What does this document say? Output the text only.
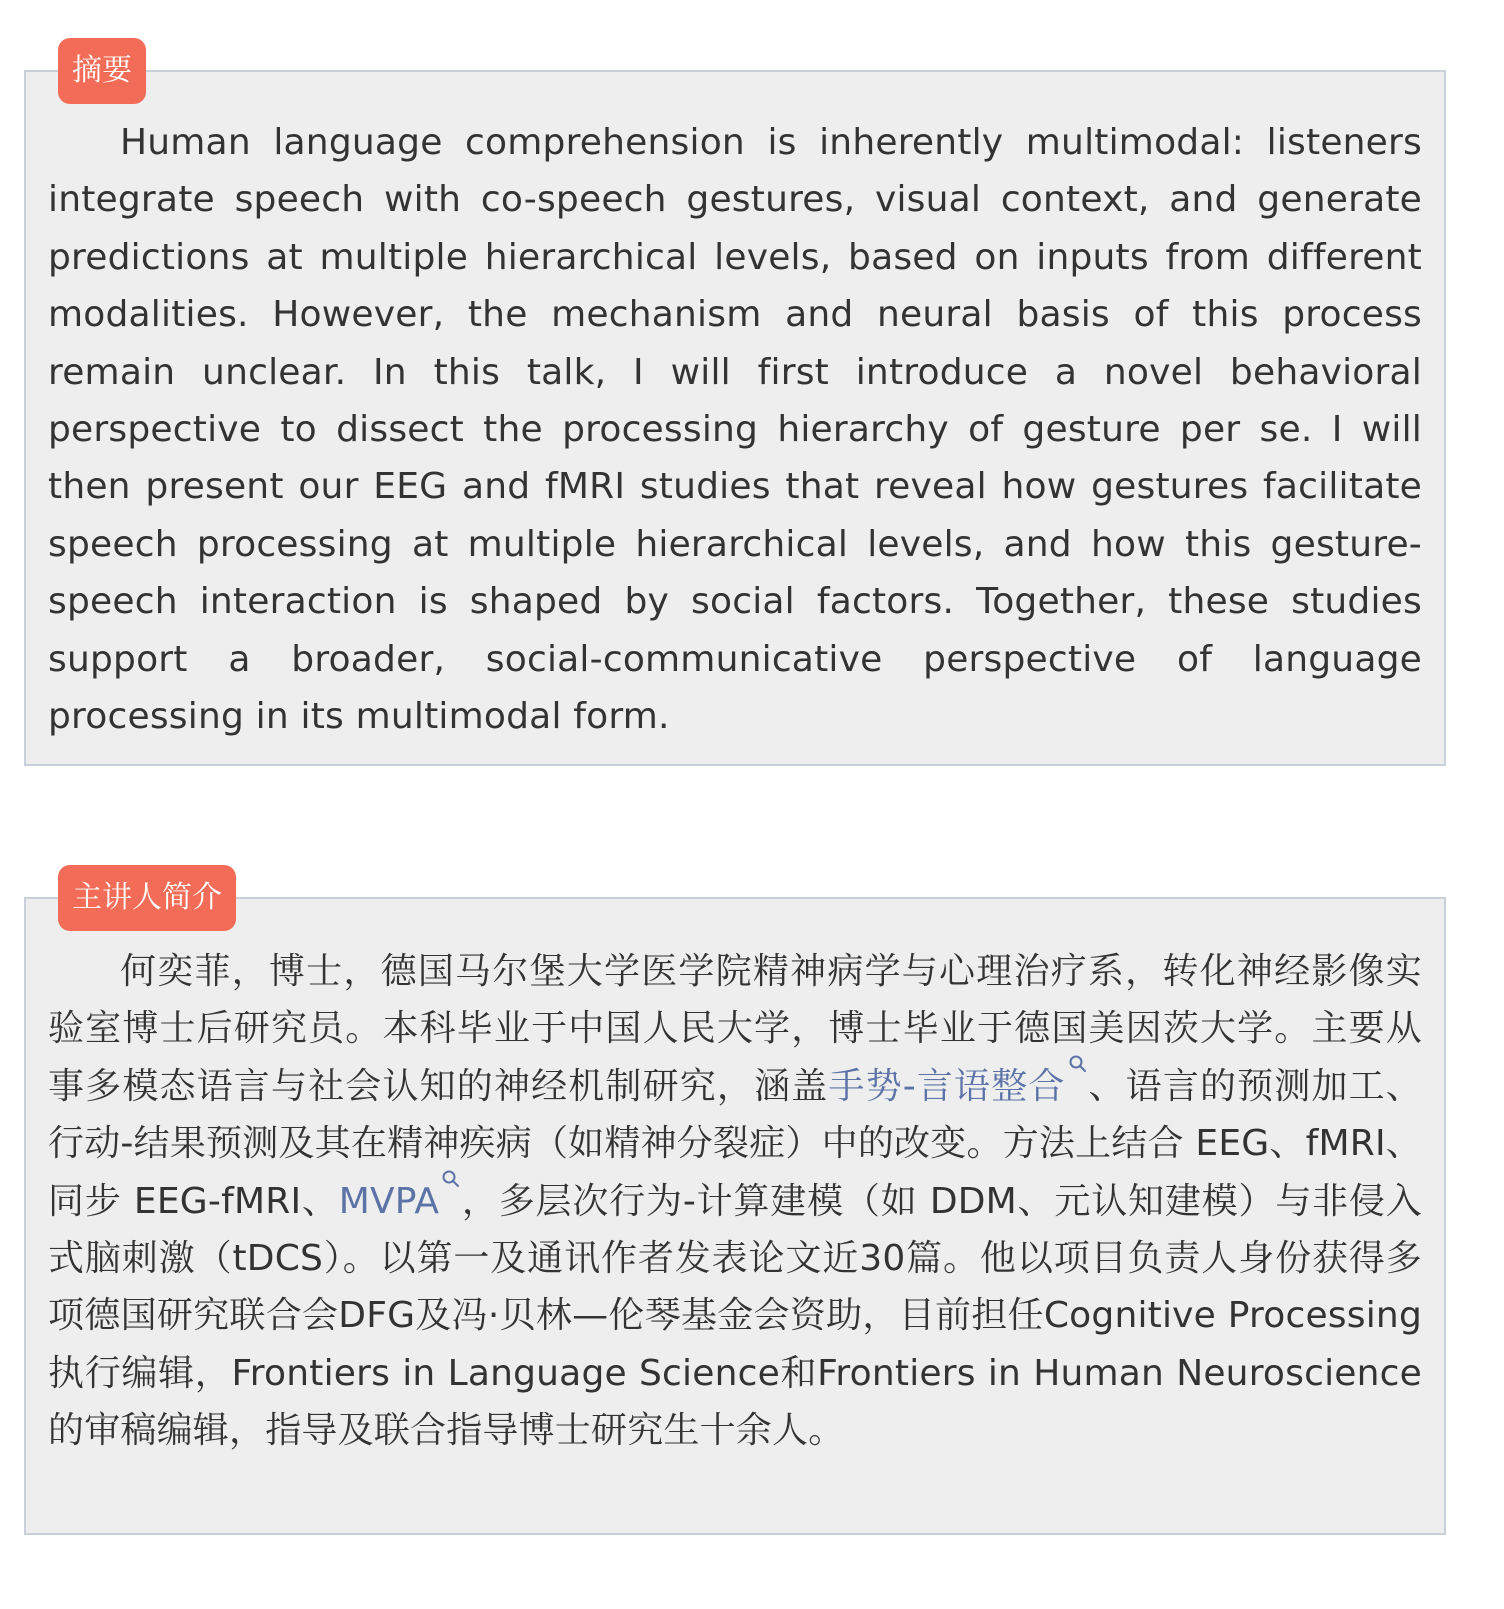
摘要

Human language comprehension is inherently multimodal: listeners integrate speech with co-speech gestures, visual context, and generate predictions at multiple hierarchical levels, based on inputs from different modalities. However, the mechanism and neural basis of this process remain unclear. In this talk, I will first introduce a novel behavioral perspective to dissect the processing hierarchy of gesture per se. I will then present our EEG and fMRI studies that reveal how gestures facilitate speech processing at multiple hierarchical levels, and how this gesture-speech interaction is shaped by social factors. Together, these studies support a broader, social-communicative perspective of language processing in its multimodal form.

主讲人简介

何奕菲，博士，德国马尔堡大学医学院精神病学与心理治疗系，转化神经影像实验室博士后研究员。本科毕业于中国人民大学，博士毕业于德国美因茨大学。主要从事多模态语言与社会认知的神经机制研究，涵盖手势-言语整合 、语言的预测加工、行动-结果预测及其在精神疾病（如精神分裂症）中的改变。方法上结合 EEG、fMRI、同步 EEG-fMRI、MVPA ，多层次行为-计算建模（如 DDM、元认知建模）与非侵入式脑刺激（tDCS）。以第一及通讯作者发表论文近30篇。他以项目负责人身份获得多项德国研究联合会DFG及冯·贝林—伦琴基金会资助，目前担任Cognitive Processing执行编辑，Frontiers in Language Science和Frontiers in Human Neuroscience的审稿编辑，指导及联合指导博士研究生十余人。
